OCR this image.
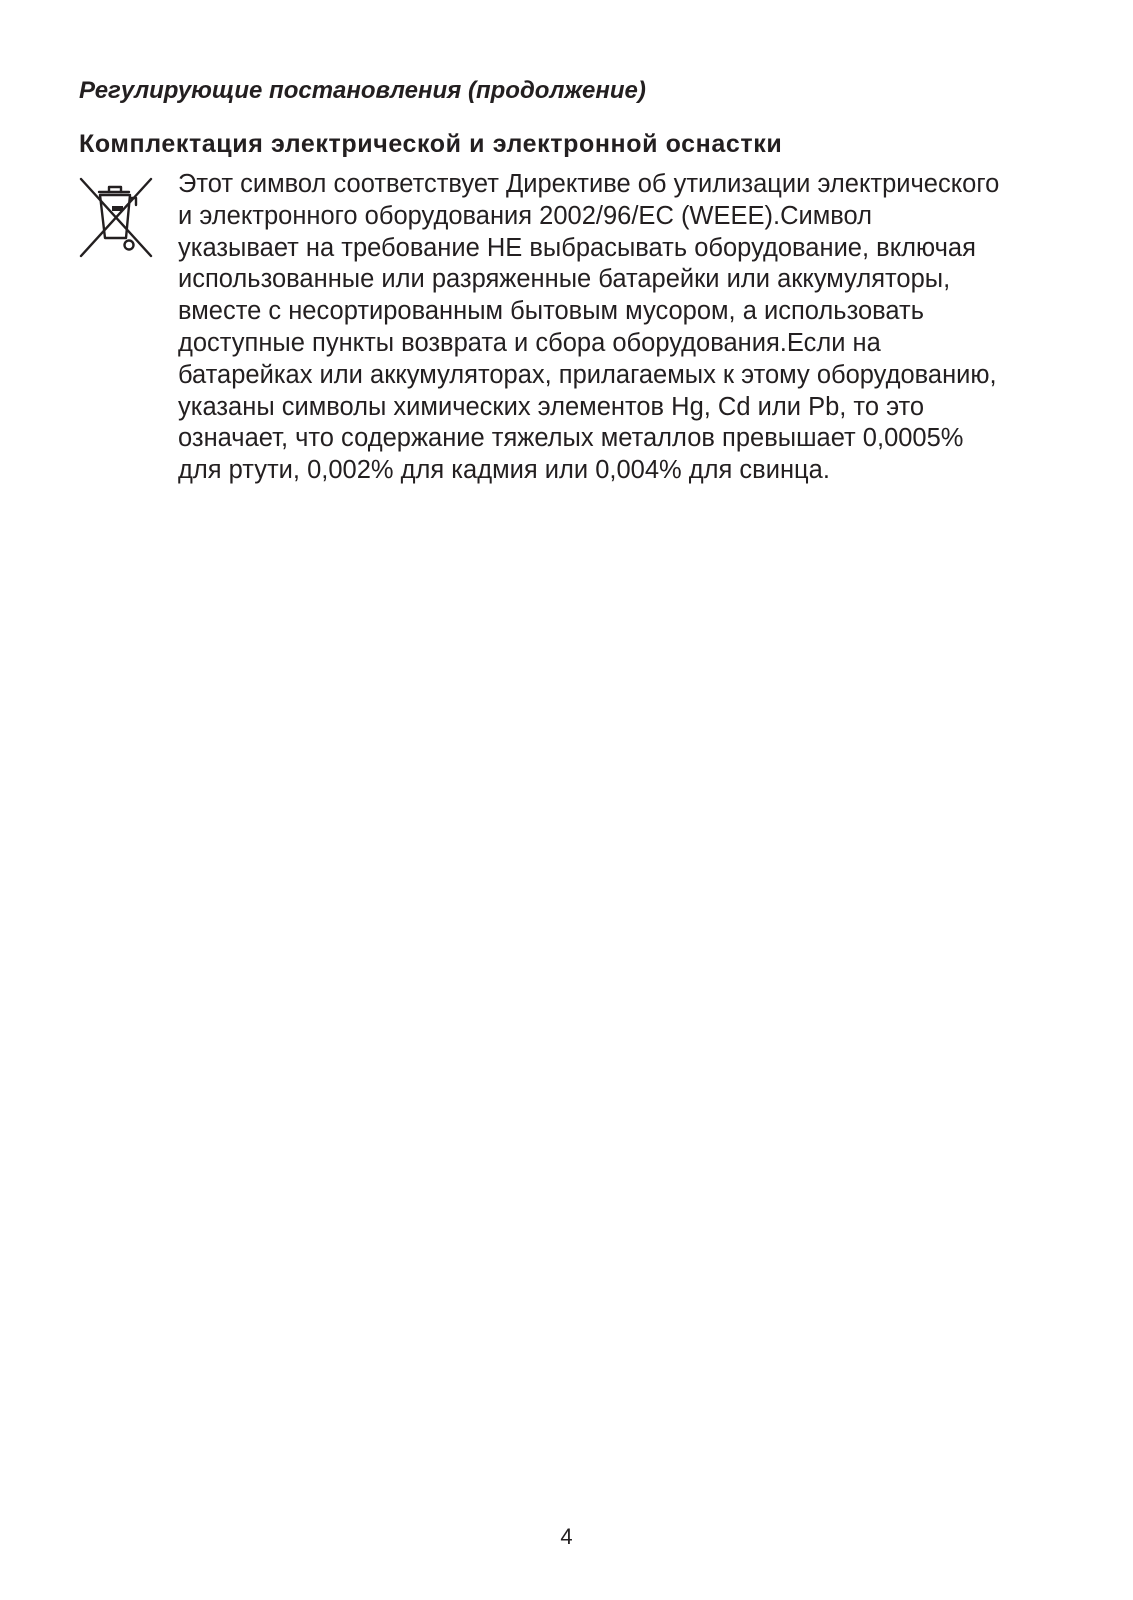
Регулирующие постановления (продолжение)
Комплектация электрической и электронной оснастки
Этот символ соответствует Директиве об утилизации электрического
и электронного оборудования 2002/96/EC (WEEE).Символ
указывает на требование НЕ выбрасывать оборудование, включая
использованные или разряженные батарейки или аккумуляторы,
вместе с несортированным бытовым мусором, а использовать
доступные пункты возврата и сбора оборудования.Если на
батарейках или аккумуляторах, прилагаемых к этому оборудованию,
указаны символы химических элементов Hg, Cd или Pb, то это
означает, что содержание тяжелых металлов превышает 0,0005%
для ртути, 0,002% для кадмия или 0,004% для свинца.
4
